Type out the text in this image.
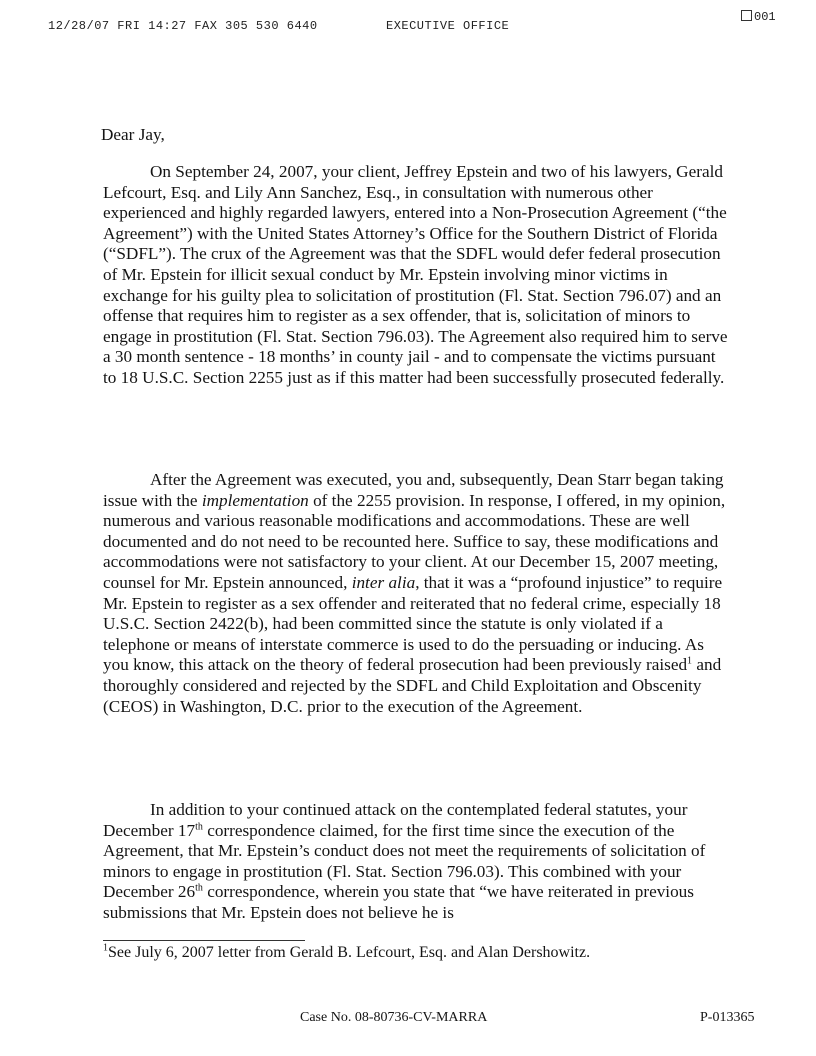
12/28/07 FRI 14:27 FAX 305 530 6440	EXECUTIVE OFFICE
001
Dear Jay,

On September 24, 2007, your client, Jeffrey Epstein and two of his lawyers, Gerald Lefcourt, Esq. and Lily Ann Sanchez, Esq., in consultation with numerous other experienced and highly regarded lawyers, entered into a Non-Prosecution Agreement (“the Agreement”) with the United States Attorney’s Office for the Southern District of Florida (“SDFL”). The crux of the Agreement was that the SDFL would defer federal prosecution of Mr. Epstein for illicit sexual conduct by Mr. Epstein involving minor victims in exchange for his guilty plea to solicitation of prostitution (Fl. Stat. Section 796.07) and an offense that requires him to register as a sex offender, that is, solicitation of minors to engage in prostitution (Fl. Stat. Section 796.03). The Agreement also required him to serve a 30 month sentence - 18 months’ in county jail - and to compensate the victims pursuant to 18 U.S.C. Section 2255 just as if this matter had been successfully prosecuted federally.

After the Agreement was executed, you and, subsequently, Dean Starr began taking issue with the implementation of the 2255 provision. In response, I offered, in my opinion, numerous and various reasonable modifications and accommodations. These are well documented and do not need to be recounted here. Suffice to say, these modifications and accommodations were not satisfactory to your client. At our December 15, 2007 meeting, counsel for Mr. Epstein announced, inter alia, that it was a “profound injustice” to require Mr. Epstein to register as a sex offender and reiterated that no federal crime, especially 18 U.S.C. Section 2422(b), had been committed since the statute is only violated if a telephone or means of interstate commerce is used to do the persuading or inducing. As you know, this attack on the theory of federal prosecution had been previously raised$^1$ and thoroughly considered and rejected by the SDFL and Child Exploitation and Obscenity (CEOS) in Washington, D.C. prior to the execution of the Agreement.

In addition to your continued attack on the contemplated federal statutes, your December 17th correspondence claimed, for the first time since the execution of the Agreement, that Mr. Epstein’s conduct does not meet the requirements of solicitation of minors to engage in prostitution (Fl. Stat. Section 796.03). This combined with your December 26th correspondence, wherein you state that “we have reiterated in previous submissions that Mr. Epstein does not believe he is

$^1$See July 6, 2007 letter from Gerald B. Lefcourt, Esq. and Alan Dershowitz.
Case No. 08-80736-CV-MARRA	P-013365
